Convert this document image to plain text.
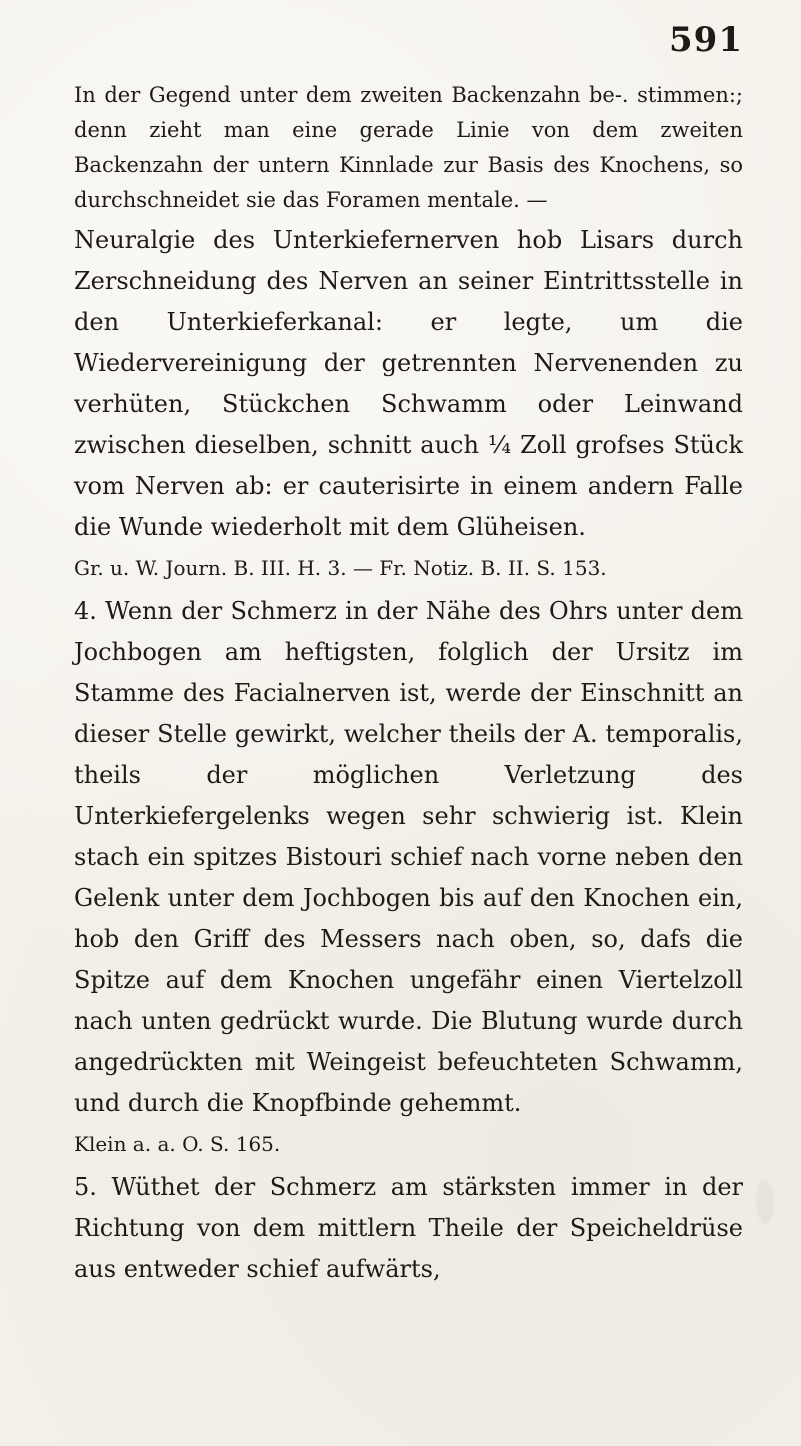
591

In der Gegend unter dem zweiten Backenzahn be-. stimmen:; denn zieht man eine gerade Linie von dem zweiten Backenzahn der untern Kinnlade zur Basis des Knochens, so durchschneidet sie das Foramen mentale. —

Neuralgie des Unterkiefernerven hob Lisars durch Zerschneidung des Nerven an seiner Eintrittsstelle in den Unterkieferkanal: er legte, um die Wiedervereinigung der getrennten Nervenenden zu verhüten, Stückchen Schwamm oder Leinwand zwischen dieselben, schnitt auch ¼ Zoll grofses Stück vom Nerven ab: er cauterisirte in einem andern Falle die Wunde wiederholt mit dem Glüheisen.

Gr. u. W. Journ. B. III. H. 3. — Fr. Notiz. B. II. S. 153.

4. Wenn der Schmerz in der Nähe des Ohrs unter dem Jochbogen am heftigsten, folglich der Ursitz im Stamme des Facialnerven ist, werde der Einschnitt an dieser Stelle gewirkt, welcher theils der A. temporalis, theils der möglichen Verletzung des Unterkiefergelenks wegen sehr schwierig ist. Klein stach ein spitzes Bistouri schief nach vorne neben den Gelenk unter dem Jochbogen bis auf den Knochen ein, hob den Griff des Messers nach oben, so, dafs die Spitze auf dem Knochen ungefähr einen Viertelzoll nach unten gedrückt wurde. Die Blutung wurde durch angedrückten mit Weingeist befeuchteten Schwamm, und durch die Knopfbinde gehemmt.

Klein a. a. O. S. 165.

5. Wüthet der Schmerz am stärksten immer in der Richtung von dem mittlern Theile der Speicheldrüse aus entweder schief aufwärts,
